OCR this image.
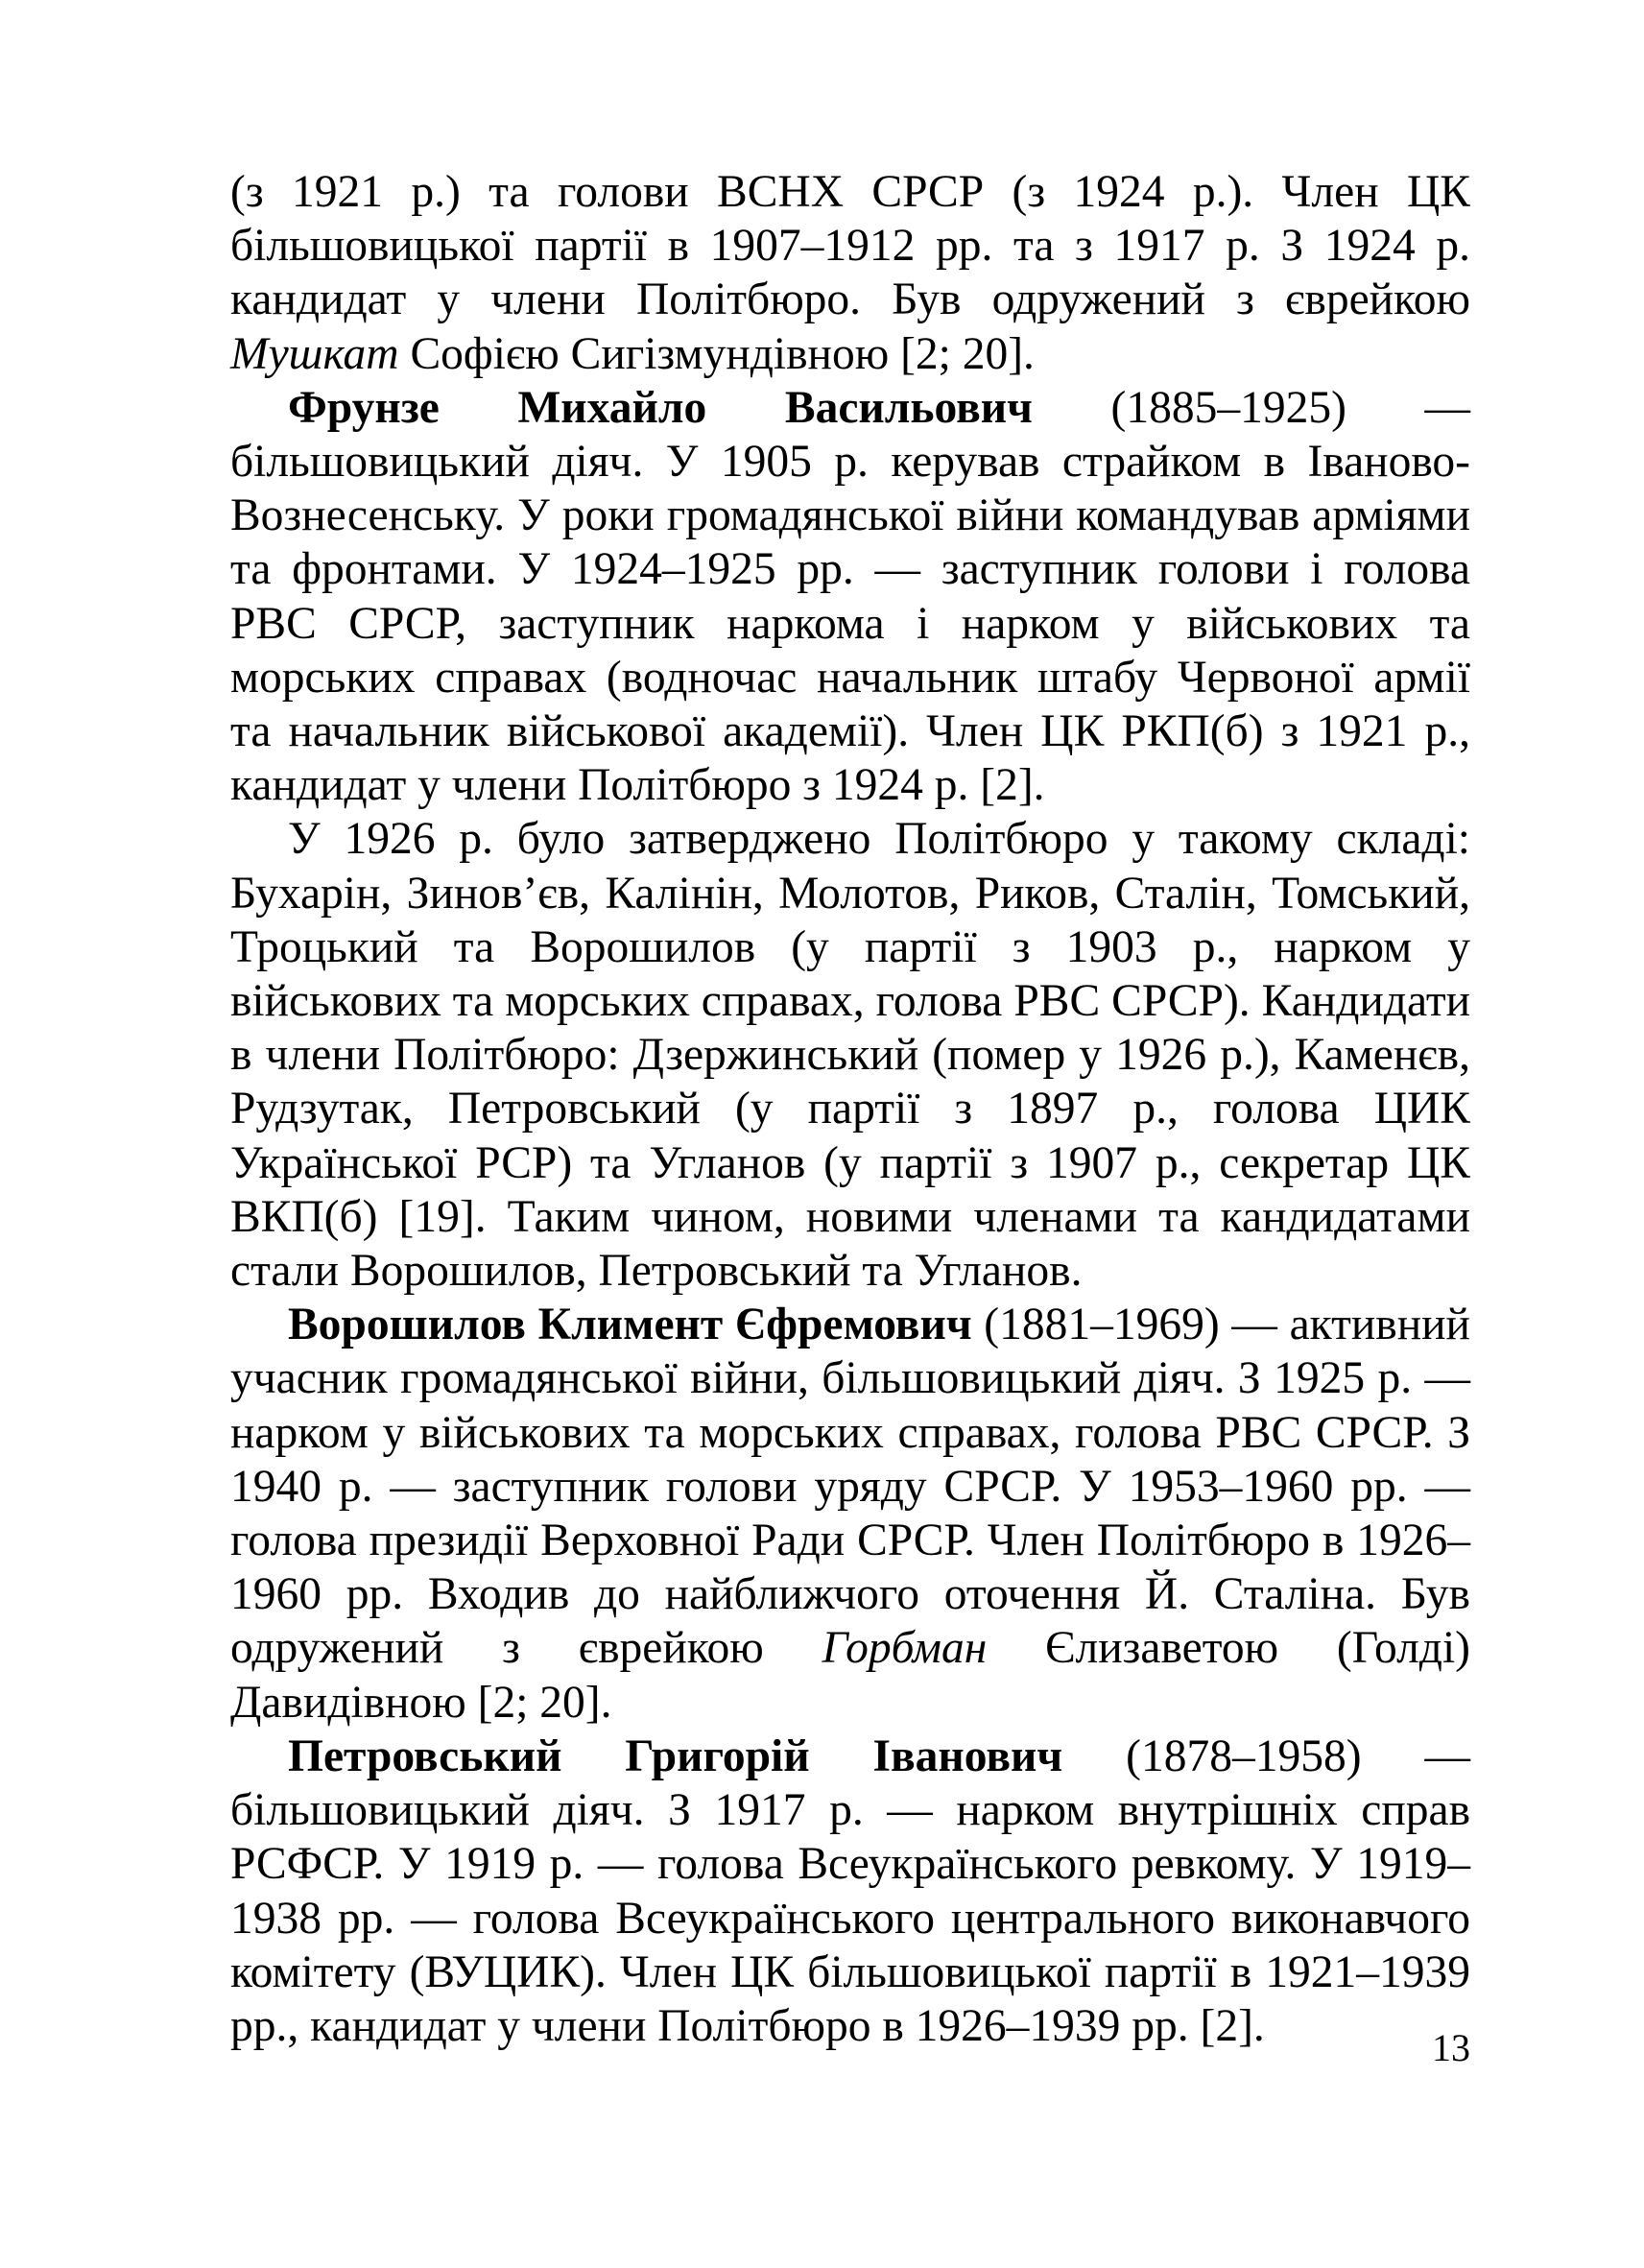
(з 1921 р.) та голови ВСНХ СРСР (з 1924 р.). Член ЦК більшовицької партії в 1907–1912 рр. та з 1917 р. З 1924 р. кандидат у члени Політбюро. Був одружений з єврейкою Мушкат Софією Сигізмундівною [2; 20].

Фрунзе Михайло Васильович (1885–1925) — більшовицький діяч. У 1905 р. керував страйком в Іваново-Вознесенську. У роки громадянської війни командував арміями та фронтами. У 1924–1925 рр. — заступник голови і голова РВС СРСР, заступник наркома і нарком у військових та морських справах (водночас начальник штабу Червоної армії та начальник військової академії). Член ЦК РКП(б) з 1921 р., кандидат у члени Політбюро з 1924 р. [2].

У 1926 р. було затверджено Політбюро у такому складі: Бухарін, Зинов’єв, Калінін, Молотов, Риков, Сталін, Томський, Троцький та Ворошилов (у партії з 1903 р., нарком у військових та морських справах, голова РВС СРСР). Кандидати в члени Політбюро: Дзержинський (помер у 1926 р.), Каменєв, Рудзутак, Петровський (у партії з 1897 р., голова ЦИК Української РСР) та Угланов (у партії з 1907 р., секретар ЦК ВКП(б) [19]. Таким чином, новими членами та кандидатами стали Ворошилов, Петровський та Угланов.

Ворошилов Климент Єфремович (1881–1969) — активний учасник громадянської війни, більшовицький діяч. З 1925 р. — нарком у військових та морських справах, голова РВС СРСР. З 1940 р. — заступник голови уряду СРСР. У 1953–1960 рр. — голова президії Верховної Ради СРСР. Член Політбюро в 1926–1960 рр. Входив до найближчого оточення Й. Сталіна. Був одружений з єврейкою Горбман Єлизаветою (Голді) Давидівною [2; 20].

Петровський Григорій Іванович (1878–1958) — більшовицький діяч. З 1917 р. — нарком внутрішніх справ РСФСР. У 1919 р. — голова Всеукраїнського ревкому. У 1919–1938 рр. — голова Всеукраїнського центрального виконавчого комітету (ВУЦИК). Член ЦК більшовицької партії в 1921–1939 рр., кандидат у члени Політбюро в 1926–1939 рр. [2].	13
